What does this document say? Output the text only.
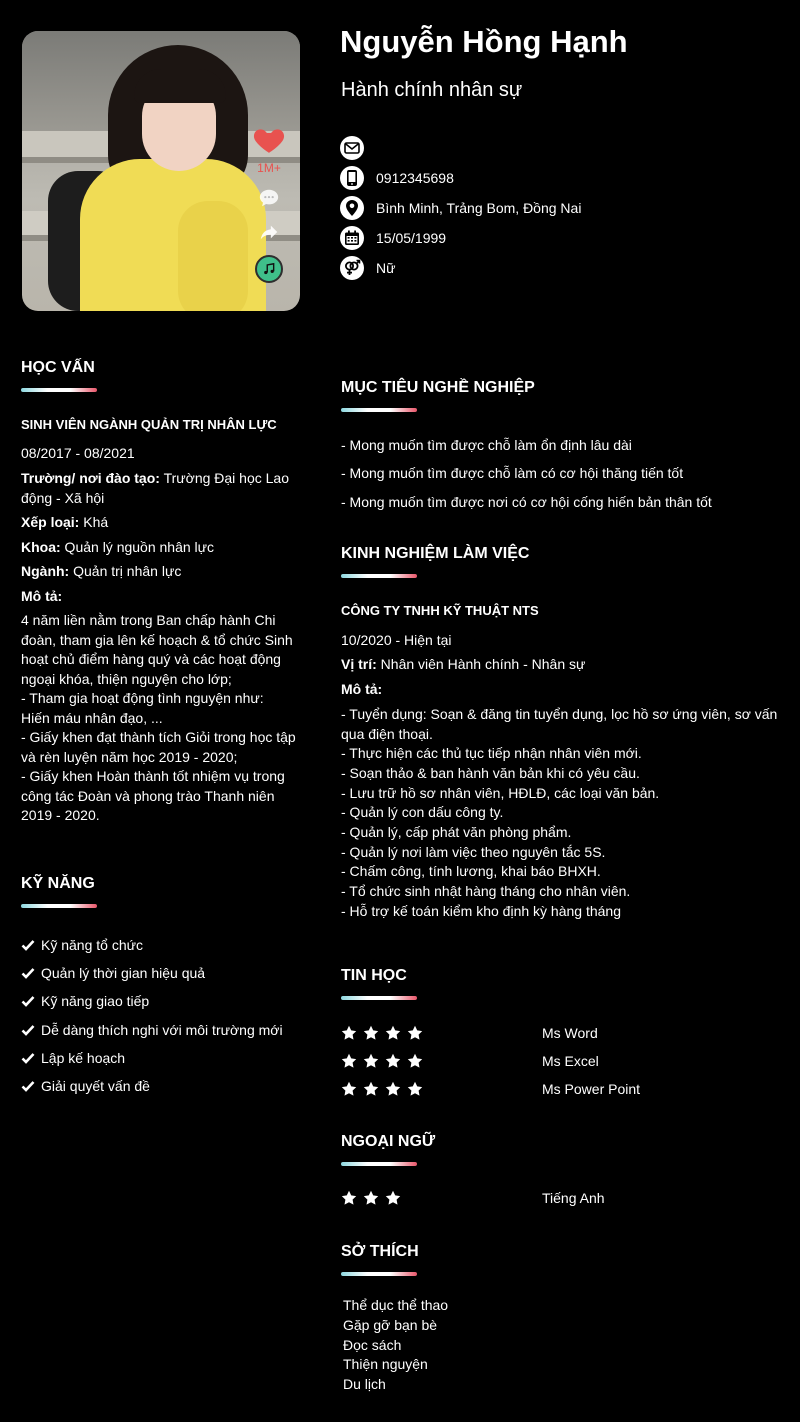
1M+
Nguyễn Hồng Hạnh
Hành chính nhân sự
0912345698
Bình Minh, Trảng Bom, Đồng Nai
15/05/1999
Nữ
HỌC VẤN
SINH VIÊN NGÀNH QUẢN TRỊ NHÂN LỰC
08/2017 - 08/2021
Trường/ nơi đào tạo: Trường Đại học Lao động - Xã hội
Xếp loại: Khá
Khoa: Quản lý nguồn nhân lực
Ngành: Quản trị nhân lực
Mô tả:
4 năm liền nằm trong Ban chấp hành Chi đoàn, tham gia lên kế hoạch & tổ chức Sinh hoạt chủ điểm hàng quý và các hoạt động ngoại khóa, thiện nguyện cho lớp;
- Tham gia hoạt động tình nguyện như: Hiến máu nhân đạo, ...
- Giấy khen đạt thành tích Giỏi trong học tập và rèn luyện năm học 2019 - 2020;
- Giấy khen Hoàn thành tốt nhiệm vụ trong công tác Đoàn và phong trào Thanh niên 2019 - 2020.
KỸ NĂNG
Kỹ năng tổ chức
Quản lý thời gian hiệu quả
Kỹ năng giao tiếp
Dễ dàng thích nghi với môi trường mới
Lập kế hoạch
Giải quyết vấn đề
MỤC TIÊU NGHỀ NGHIỆP
- Mong muốn tìm được chỗ làm ổn định lâu dài
- Mong muốn tìm được chỗ làm có cơ hội thăng tiến tốt
- Mong muốn tìm được nơi có cơ hội cống hiến bản thân tốt
KINH NGHIỆM LÀM VIỆC
CÔNG TY TNHH KỸ THUẬT NTS
10/2020 - Hiện tại
Vị trí: Nhân viên Hành chính - Nhân sự
Mô tả:
- Tuyển dụng: Soạn & đăng tin tuyển dụng, lọc hồ sơ ứng viên, sơ vấn qua điện thoại.
- Thực hiện các thủ tục tiếp nhận nhân viên mới.
- Soạn thảo & ban hành văn bản khi có yêu cầu.
- Lưu trữ hồ sơ nhân viên, HĐLĐ, các loại văn bản.
- Quản lý con dấu công ty.
- Quản lý, cấp phát văn phòng phẩm.
- Quản lý nơi làm việc theo nguyên tắc 5S.
- Chấm công, tính lương, khai báo BHXH.
- Tổ chức sinh nhật hàng tháng cho nhân viên.
- Hỗ trợ kế toán kiểm kho định kỳ hàng tháng
TIN HỌC
Ms Word
Ms Excel
Ms Power Point
NGOẠI NGỮ
Tiếng Anh
SỞ THÍCH
Thể dục thể thao
Gặp gỡ bạn bè
Đọc sách
Thiện nguyện
Du lịch
